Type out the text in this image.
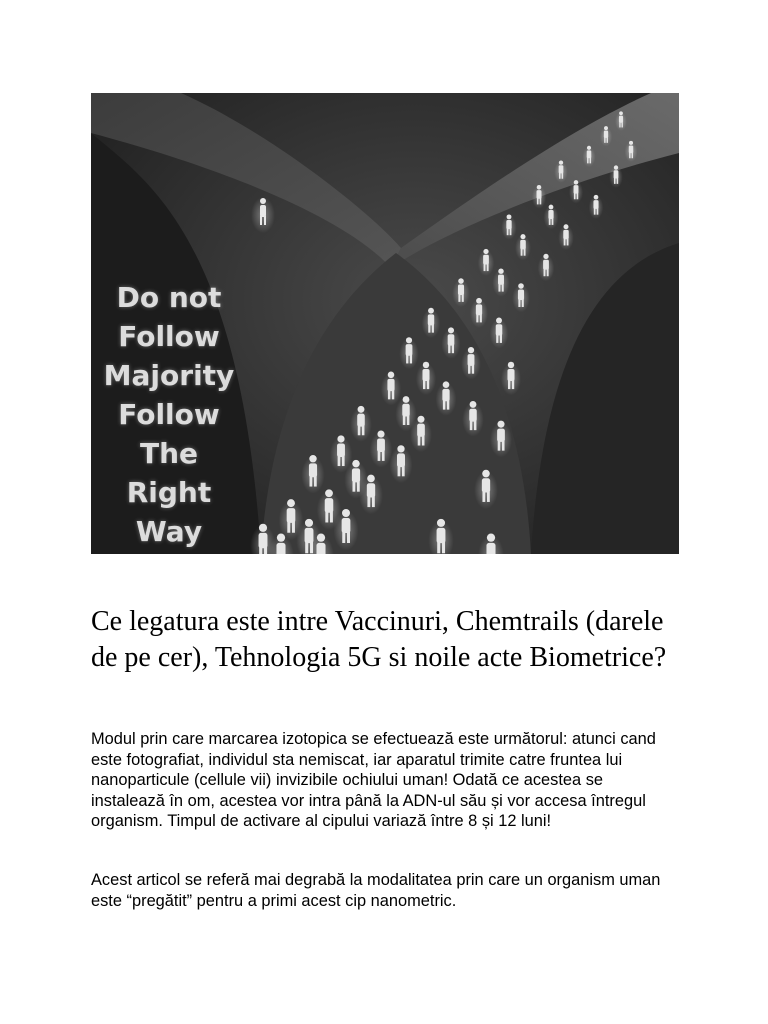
Do not
Follow
Majority
Follow
The
Right
Way
Ce legatura este intre Vaccinuri, Chemtrails (darele de pe cer), Tehnologia 5G si noile acte Biometrice?

Modul prin care marcarea izotopica se efectuează este următorul: atunci cand este fotografiat, individul sta nemiscat, iar aparatul trimite catre fruntea lui nanoparticule (cellule vii) invizibile ochiului uman! Odată ce acestea se instalează în om, acestea vor intra până la ADN-ul său și vor accesa întregul organism. Timpul de activare al cipului variază între 8 și 12 luni!

Acest articol se referă mai degrabă la modalitatea prin care un organism uman este “pregătit” pentru a primi acest cip nanometric.
